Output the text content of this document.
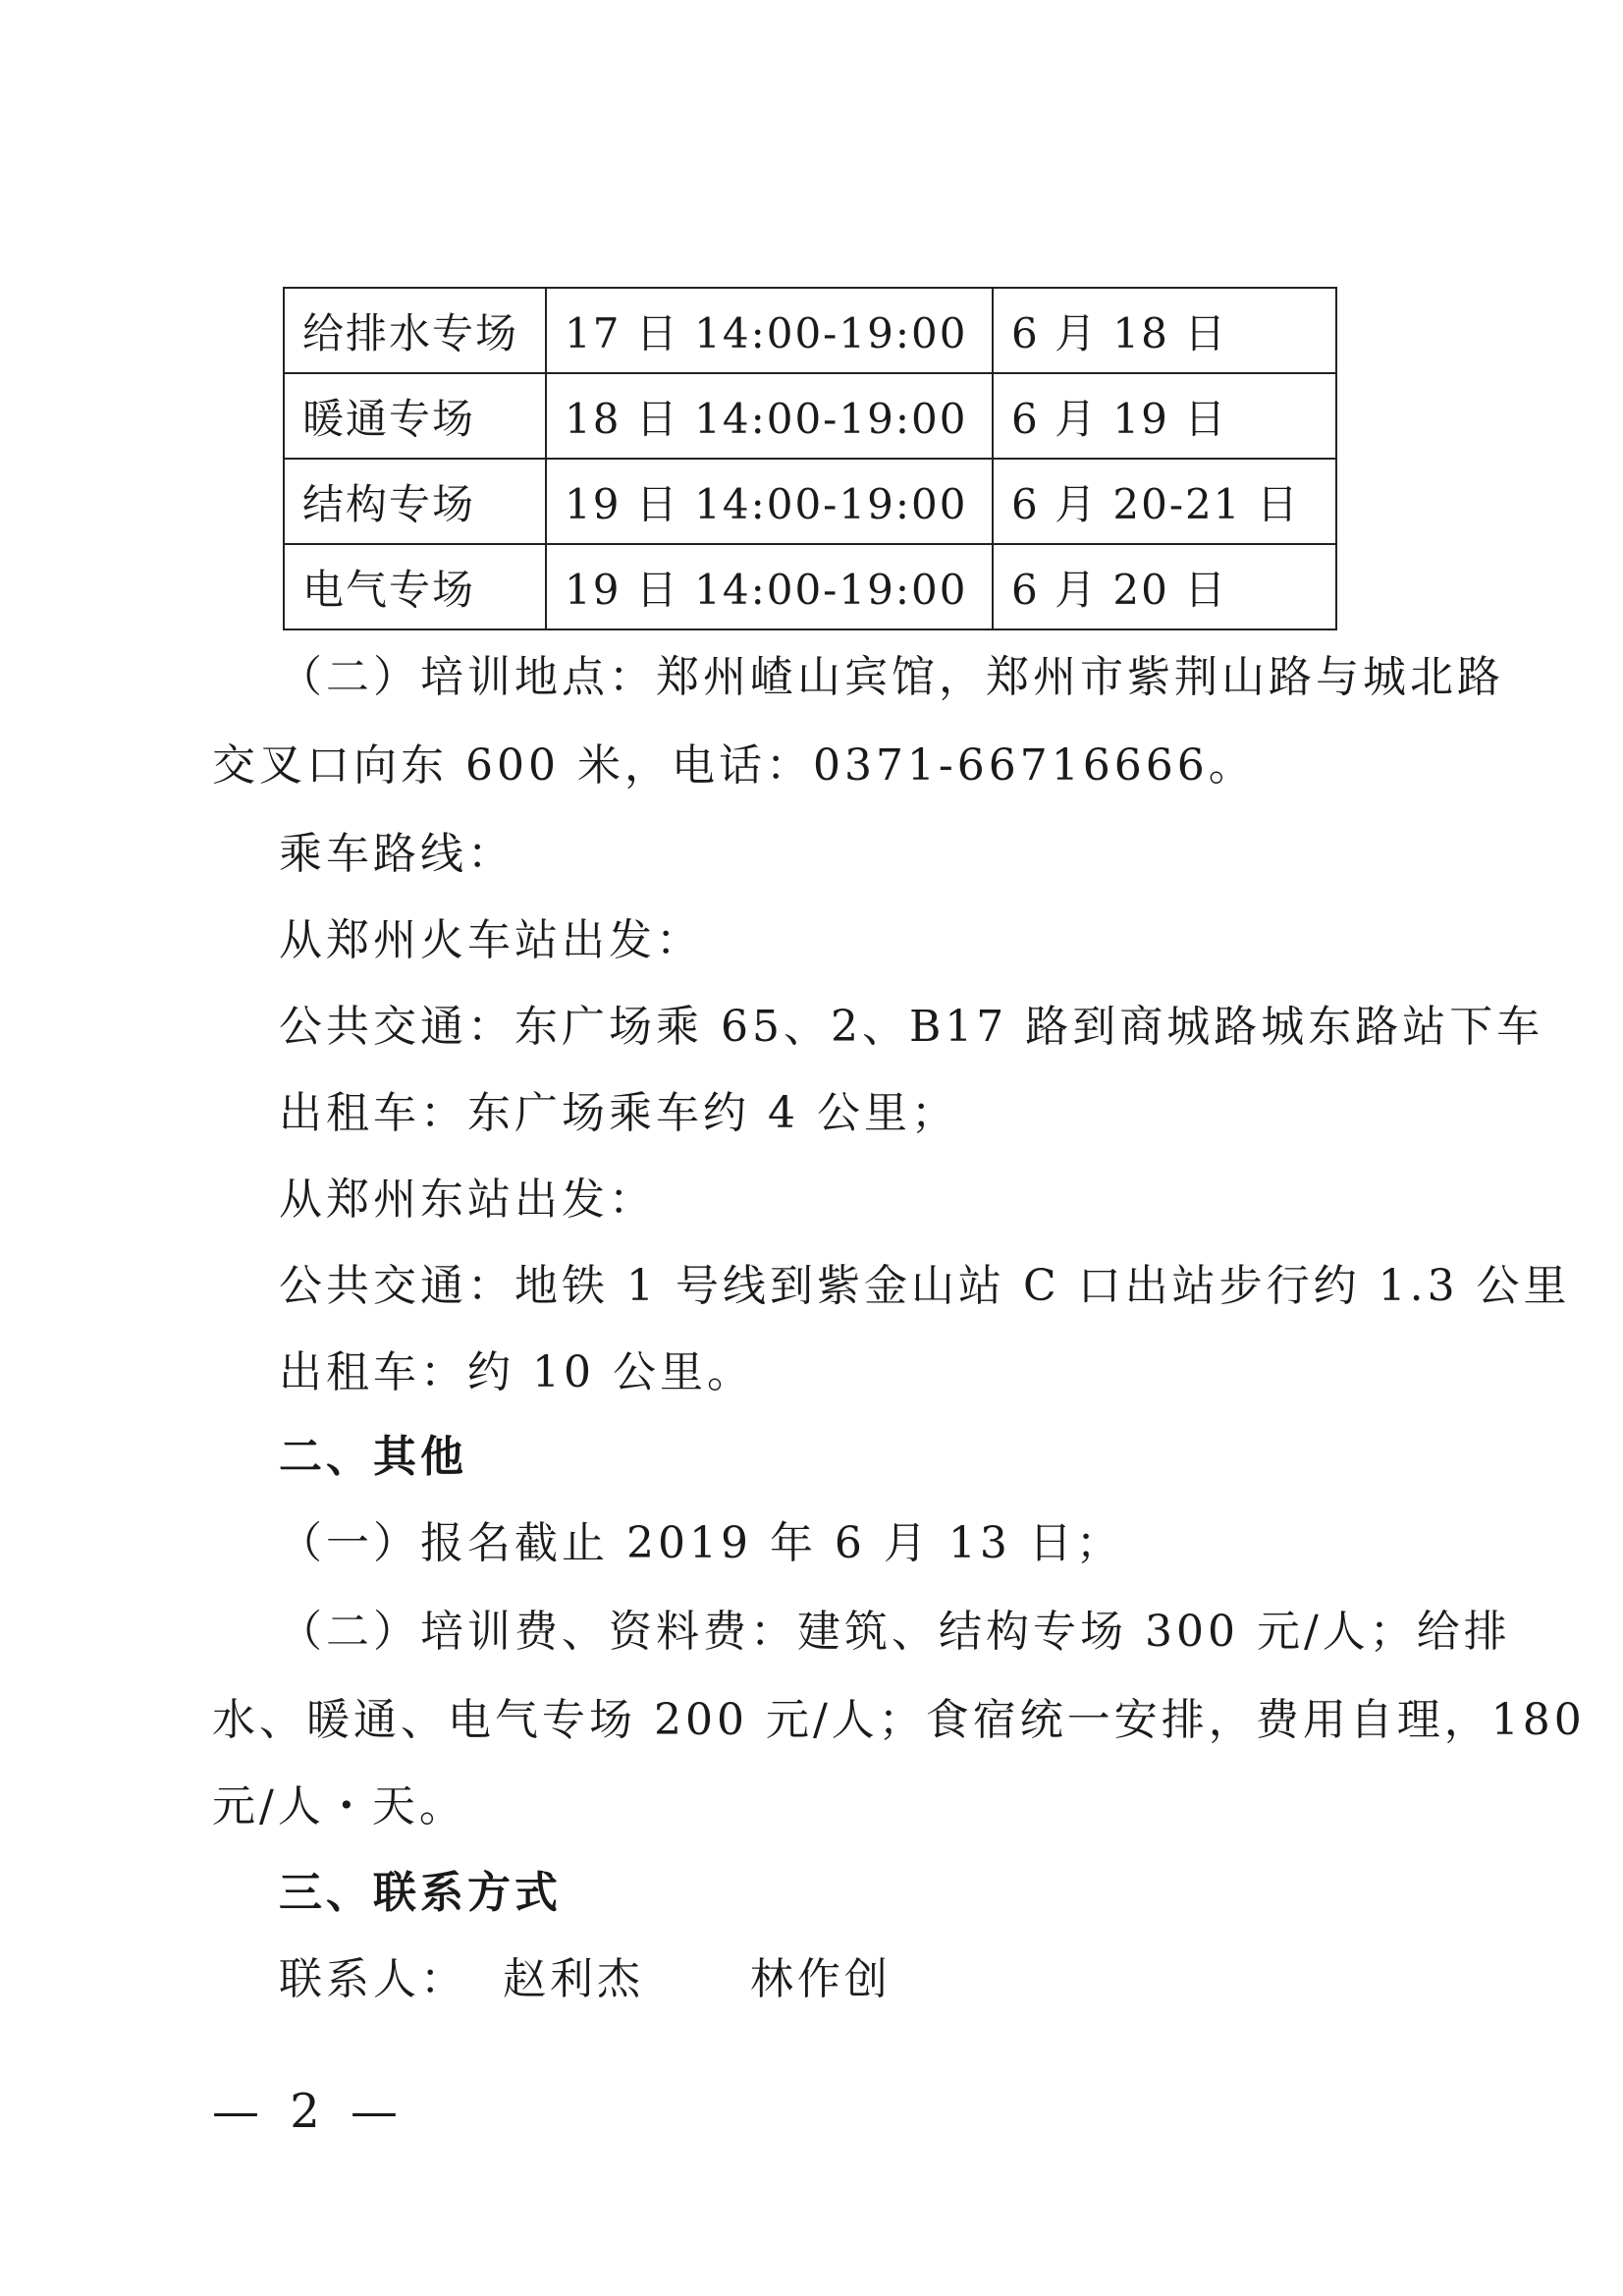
给排水专场	17 日 14:00-19:00	6 月 18 日
暖通专场	18 日 14:00-19:00	6 月 19 日
结构专场	19 日 14:00-19:00	6 月 20-21 日
电气专场	19 日 14:00-19:00	6 月 20 日
（二）培训地点：郑州嵖山宾馆，郑州市紫荆山路与城北路
交叉口向东 600 米，电话：0371-66716666。
乘车路线：
从郑州火车站出发：
公共交通：东广场乘 65、2、B17 路到商城路城东路站下车
出租车：东广场乘车约 4 公里；
从郑州东站出发：
公共交通：地铁 1 号线到紫金山站 C 口出站步行约 1.3 公里
出租车：约 10 公里。
二、其他
（一）报名截止 2019 年 6 月 13 日；
（二）培训费、资料费：建筑、结构专场 300 元/人；给排
水、暖通、电气专场 200 元/人；食宿统一安排，费用自理，180
元/人・天。
三、联系方式
联系人：  赵利杰      林作创
— 2 —
